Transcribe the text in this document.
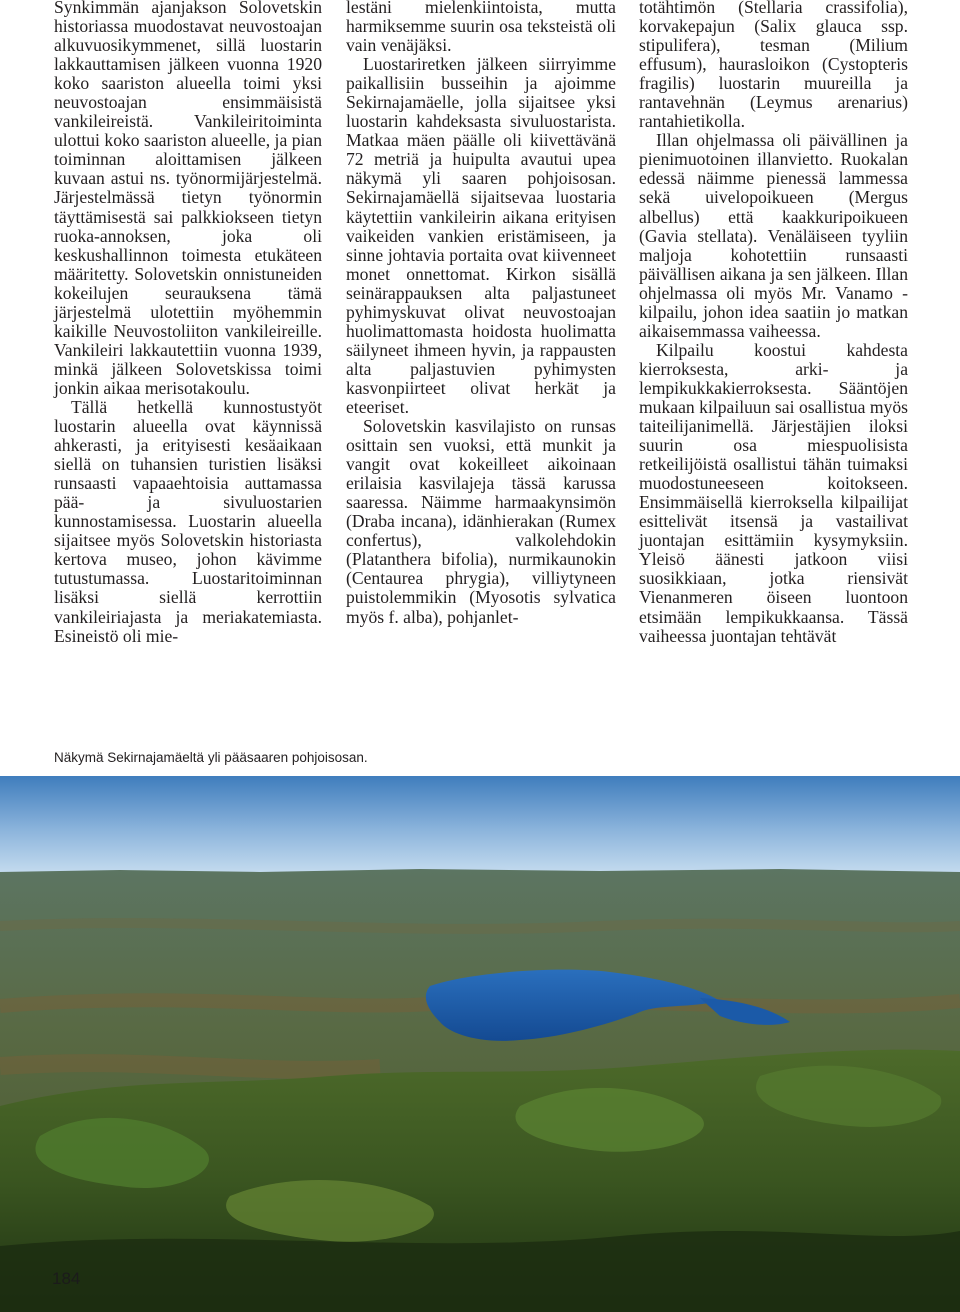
Synkimmän ajanjakson Solovetskin historiassa muodostavat neuvostoajan alkuvuosikymmenet, sillä luostarin lakkauttamisen jälkeen vuonna 1920 koko saariston alueella toimi yksi neuvostoajan ensimmäisistä vankileireistä. Vankileiritoiminta ulottui koko saariston alueelle, ja pian toiminnan aloittamisen jälkeen kuvaan astui ns. työnormijärjestelmä. Järjestelmässä tietyn työnormin täyttämisestä sai palkkiokseen tietyn ruoka-annoksen, joka oli keskushallinnon toimesta etukäteen määritetty. Solovetskin onnistuneiden kokeilujen seurauksena tämä järjestelmä ulotettiin myöhemmin kaikille Neuvostoliiton vankileireille. Vankileiri lakkautettiin vuonna 1939, minkä jälkeen Solovetskissa toimi jonkin aikaa merisotakoulu.

Tällä hetkellä kunnostustyöt luostarin alueella ovat käynnissä ahkerasti, ja erityisesti kesäaikaan siellä on tuhansien turistien lisäksi runsaasti vapaaehtoisia auttamassa pää- ja sivuluostarien kunnostamisessa. Luostarin alueella sijaitsee myös Solovetskin historiasta kertova museo, johon kävimme tutustumassa. Luostaritoiminnan lisäksi siellä kerrottiin vankileiriajasta ja meriakatemiasta. Esineistö oli mie-

lestäni mielenkiintoista, mutta harmiksemme suurin osa teksteistä oli vain venäjäksi.

Luostariretken jälkeen siirryimme paikallisiin busseihin ja ajoimme Sekirnajamäelle, jolla sijaitsee yksi luostarin kahdeksasta sivuluostarista. Matkaa mäen päälle oli kiivettävänä 72 metriä ja huipulta avautui upea näkymä yli saaren pohjoisosan. Sekirnajamäellä sijaitsevaa luostaria käytettiin vankileirin aikana erityisen vaikeiden vankien eristämiseen, ja sinne johtavia portaita ovat kiivenneet monet onnettomat. Kirkon sisällä seinärappauksen alta paljastuneet pyhimyskuvat olivat neuvostoajan huolimattomasta hoidosta huolimatta säilyneet ihmeen hyvin, ja rappausten alta paljastuvien pyhimysten kasvonpiirteet olivat herkät ja eteeriset.

Solovetskin kasvilajisto on runsas osittain sen vuoksi, että munkit ja vangit ovat kokeilleet aikoinaan erilaisia kasvilajeja tässä karussa saaressa. Näimme harmaakynsimön (Draba incana), idänhierakan (Rumex confertus), valkolehdokin (Platanthera bifolia), nurmikaunokin (Centaurea phrygia), villiytyneen puistolemmikin (Myosotis sylvatica myös f. alba), pohjanlet-

totähtimön (Stellaria crassifolia), korvakepajun (Salix glauca ssp. stipulifera), tesman (Milium effusum), haurasloikon (Cystopteris fragilis) luostarin muureilla ja rantavehnän (Leymus arenarius) rantahietikolla.

Illan ohjelmassa oli päivällinen ja pienimuotoinen illanvietto. Ruokalan edessä näimme pienessä lammessa sekä uivelopoikueen (Mergus albellus) että kaakkuripoikueen (Gavia stellata). Venäläiseen tyyliin maljoja kohotettiin runsaasti päivällisen aikana ja sen jälkeen. Illan ohjelmassa oli myös Mr. Vanamo -kilpailu, johon idea saatiin jo matkan aikaisemmassa vaiheessa.

Kilpailu koostui kahdesta kierroksesta, arki- ja lempikukkakierroksesta. Sääntöjen mukaan kilpailuun sai osallistua myös taiteilijanimellä. Järjestäjien iloksi suurin osa miespuolisista retkeilijöistä osallistui tähän tuimaksi muodostuneeseen koitokseen. Ensimmäisellä kierroksella kilpailijat esittelivät itsensä ja vastailivat juontajan esittämiin kysymyksiin. Yleisö äänesti jatkoon viisi suosikkiaan, jotka riensivät Vienanmeren öiseen luontoon etsimään lempikukkaansa. Tässä vaiheessa juontajan tehtävät

Näkymä Sekirnajamäeltä yli pääsaaren pohjoisosan.
184
